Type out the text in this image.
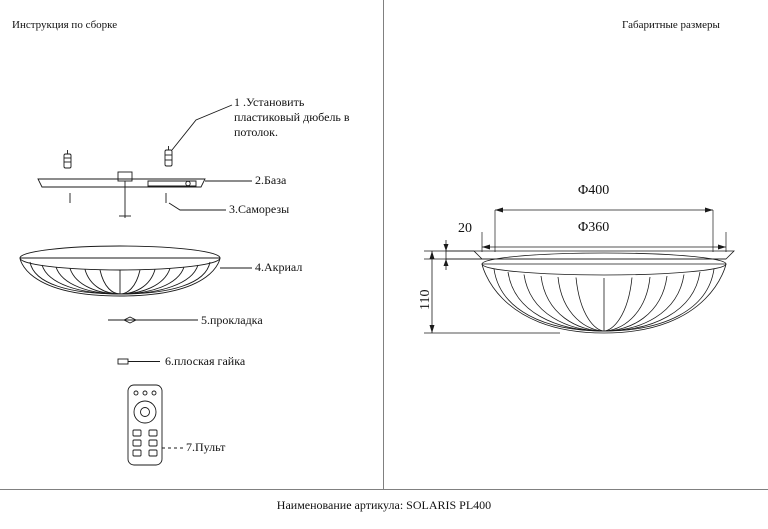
Инструкция по сборке	Габаритные размеры
1 .Установить пластиковый дюбель в потолок.
2.База
3.Саморезы
4.Акриал
5.прокладка
6.плоская гайка
7.Пульт
Φ400
Φ360
20
110
Наименование артикула: SOLARIS PL400
